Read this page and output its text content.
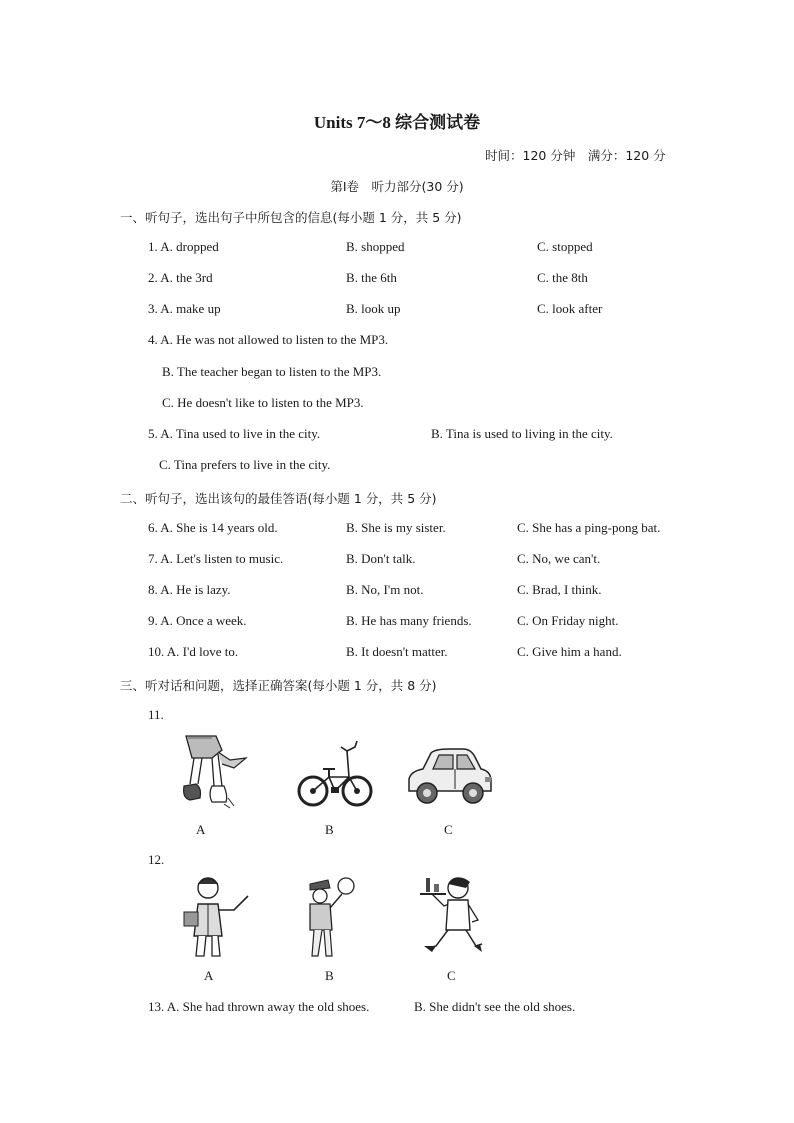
Units 7～8 综合测试卷
时间：120 分钟　满分：120 分
第Ⅰ卷　听力部分(30 分)
一、听句子，选出句子中所包含的信息(每小题 1 分，共 5 分)
1. A. dropped	B. shopped	C. stopped
2. A. the 3rd	B. the 6th	C. the 8th
3. A. make up	B. look up	C. look after
4. A. He was not allowed to listen to the MP3.
B. The teacher began to listen to the MP3.
C. He doesn't like to listen to the MP3.
5. A. Tina used to live in the city.	B. Tina is used to living in the city.
C. Tina prefers to live in the city.
二、听句子，选出该句的最佳答语(每小题 1 分，共 5 分)
6. A. She is 14 years old.	B. She is my sister.	C. She has a ping-pong bat.
7. A. Let's listen to music.	B. Don't talk.	C. No, we can't.
8. A. He is lazy.	B. No, I'm not.	C. Brad, I think.
9. A. Once a week.	B. He has many friends.	C. On Friday night.
10. A. I'd love to.	B. It doesn't matter.	C. Give him a hand.
三、听对话和问题，选择正确答案(每小题 1 分，共 8 分)
11.
A	B	C
12.
A	B	C
13. A. She had thrown away the old shoes.	B. She didn't see the old shoes.
